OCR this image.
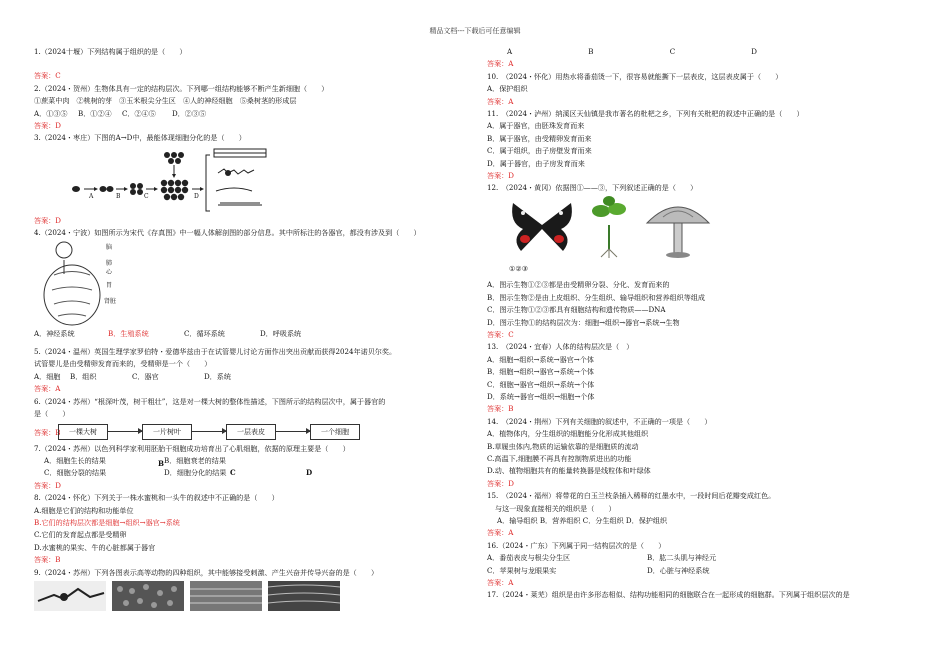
精品文档---下载后可任意编辑
1.（2024十堰）下列结构属于组织的是（　　）
答案：C
2.（2024・贺州）生物体具有一定的结构层次。下列哪一组结构能够不断产生新细胞（　　）
①蔗菜中肉　②桃树的芽　③玉米根尖分生区　④人的神经细胞　⑤桑树茎的形成层
A．①③⑤	B．①②④	C．②④⑤	D．②③⑤
答案：D
3.（2024・枣庄）下图的A→D中，最能体现细胞分化的是（　　）
A	B	C	D
答案：D
4.（2024・宁波）如图所示为宋代《存真图》中一幅人体解剖图的部分信息。其中所标注的各器官，都没有涉及到（　　）
脑
肺
心
胃
肾脏
A．神经系统	B．生殖系统	C．循环系统	D．呼吸系统
5.（2024・温州）英国生理学家罗伯特・爱德华兹由于在试管婴儿讨论方面作出突出贡献而获得2024年诺贝尔奖。
试管婴儿是由受精卵发育而来的，受精卵是一个（　　）
A．细胞	B．组织	C．器官	D．系统
答案：A
6.（2024・苏州）“根深叶茂，树干粗壮”，这是对一棵大树的整体性描述，下图所示的结构层次中，属于器官的
是（　　）
答案：B	一棵大树	一片树叶	一层表皮	一个细胞
7.（2024・苏州）以色列科学家利用胚胎干细胞成功培育出了心肌细胞，依据的原理主要是（　　）
A．细胞生长的结果	B．细胞衰老的结果
C．细胞分裂的结果	D．细胞分化的结果
B
C	D
答案：D
8.（2024・怀化）下列关于一株水蜜桃和一头牛的叙述中不正确的是（　　）
A.细胞是它们的结构和功能单位
B.它们的结构层次都是细胞→组织→器官→系统
C.它们的发育起点都是受精卵
D.水蜜桃的果实、牛的心脏都属于器官
答案：B
9.（2024・苏州）下列各图表示高等动物的四种组织，其中能够接受刺激、产生兴奋并传导兴奋的是（　　）
A	B	C	D
答案：A
10.　（2024・怀化）用热水将番茄烫一下，很容易就能撕下一层表皮，这层表皮属于（　　）
A．保护组织
答案：A
11.　（2024・泸州）纳溪区天仙镇是我市著名的枇杷之乡，下列有关枇杷的叙述中正确的是（　　）
A．属于器官，由胚珠发育而来
B．属于器官，由受精卵发育而来
C．属于组织，由子房壁发育而来
D．属于器官，由子房发育而来
答案：D
12.　（2024・黄冈）依据图①——③，下列叙述正确的是（　　）
①②③
A．图示生物①②③都是由受精卵分裂、分化、发育而来的
B．图示生物②是由上皮组织、分生组织、输导组织和营养组织等组成
C．图示生物①②③都具有细胞结构和遗传物质——DNA
D．图示生物①的结构层次为：细胞→组织→器官→系统→生物
答案：C
13.　（2024・宜春）人体的结构层次是（　）
A．细胞→组织→系统→器官→个体
B．细胞→组织→器官→系统→个体
C．细胞→器官→组织→系统→个体
D．系统→器官→组织→细胞→个体
答案：B
14.　（2024・荆州）下列有关细胞的叙述中，不正确的一项是（　　）
A．植物体内，分生组织的细胞能分化形成其他组织
B.草履虫体内,物质的运输依靠的是细胞质的流动
C.高温下,细胞膜不再具有控制物质进出的功能
D.动、植物细胞共有的能量转换器是线粒体和叶绿体
答案：D
15.　（2024・福州）将带花的白玉兰枝条插入稀释的红墨水中，一段时间后花瓣变成红色。
与这一现象直接相关的组织是（　　）
A．输导组织 B．营养组织 C．分生组织 D．保护组织
答案：A
16.（2024・广东）下列属于同一结构层次的是（　　）
A．番茄表皮与根尖分生区	B．肱二头肌与神经元
C．苹果树与龙眼果实	D．心脏与神经系统
答案：A
17.（2024・莱芜）组织是由许多形态相似、结构功能相同的细胞联合在一起形成的细胞群。下列属于组织层次的是
